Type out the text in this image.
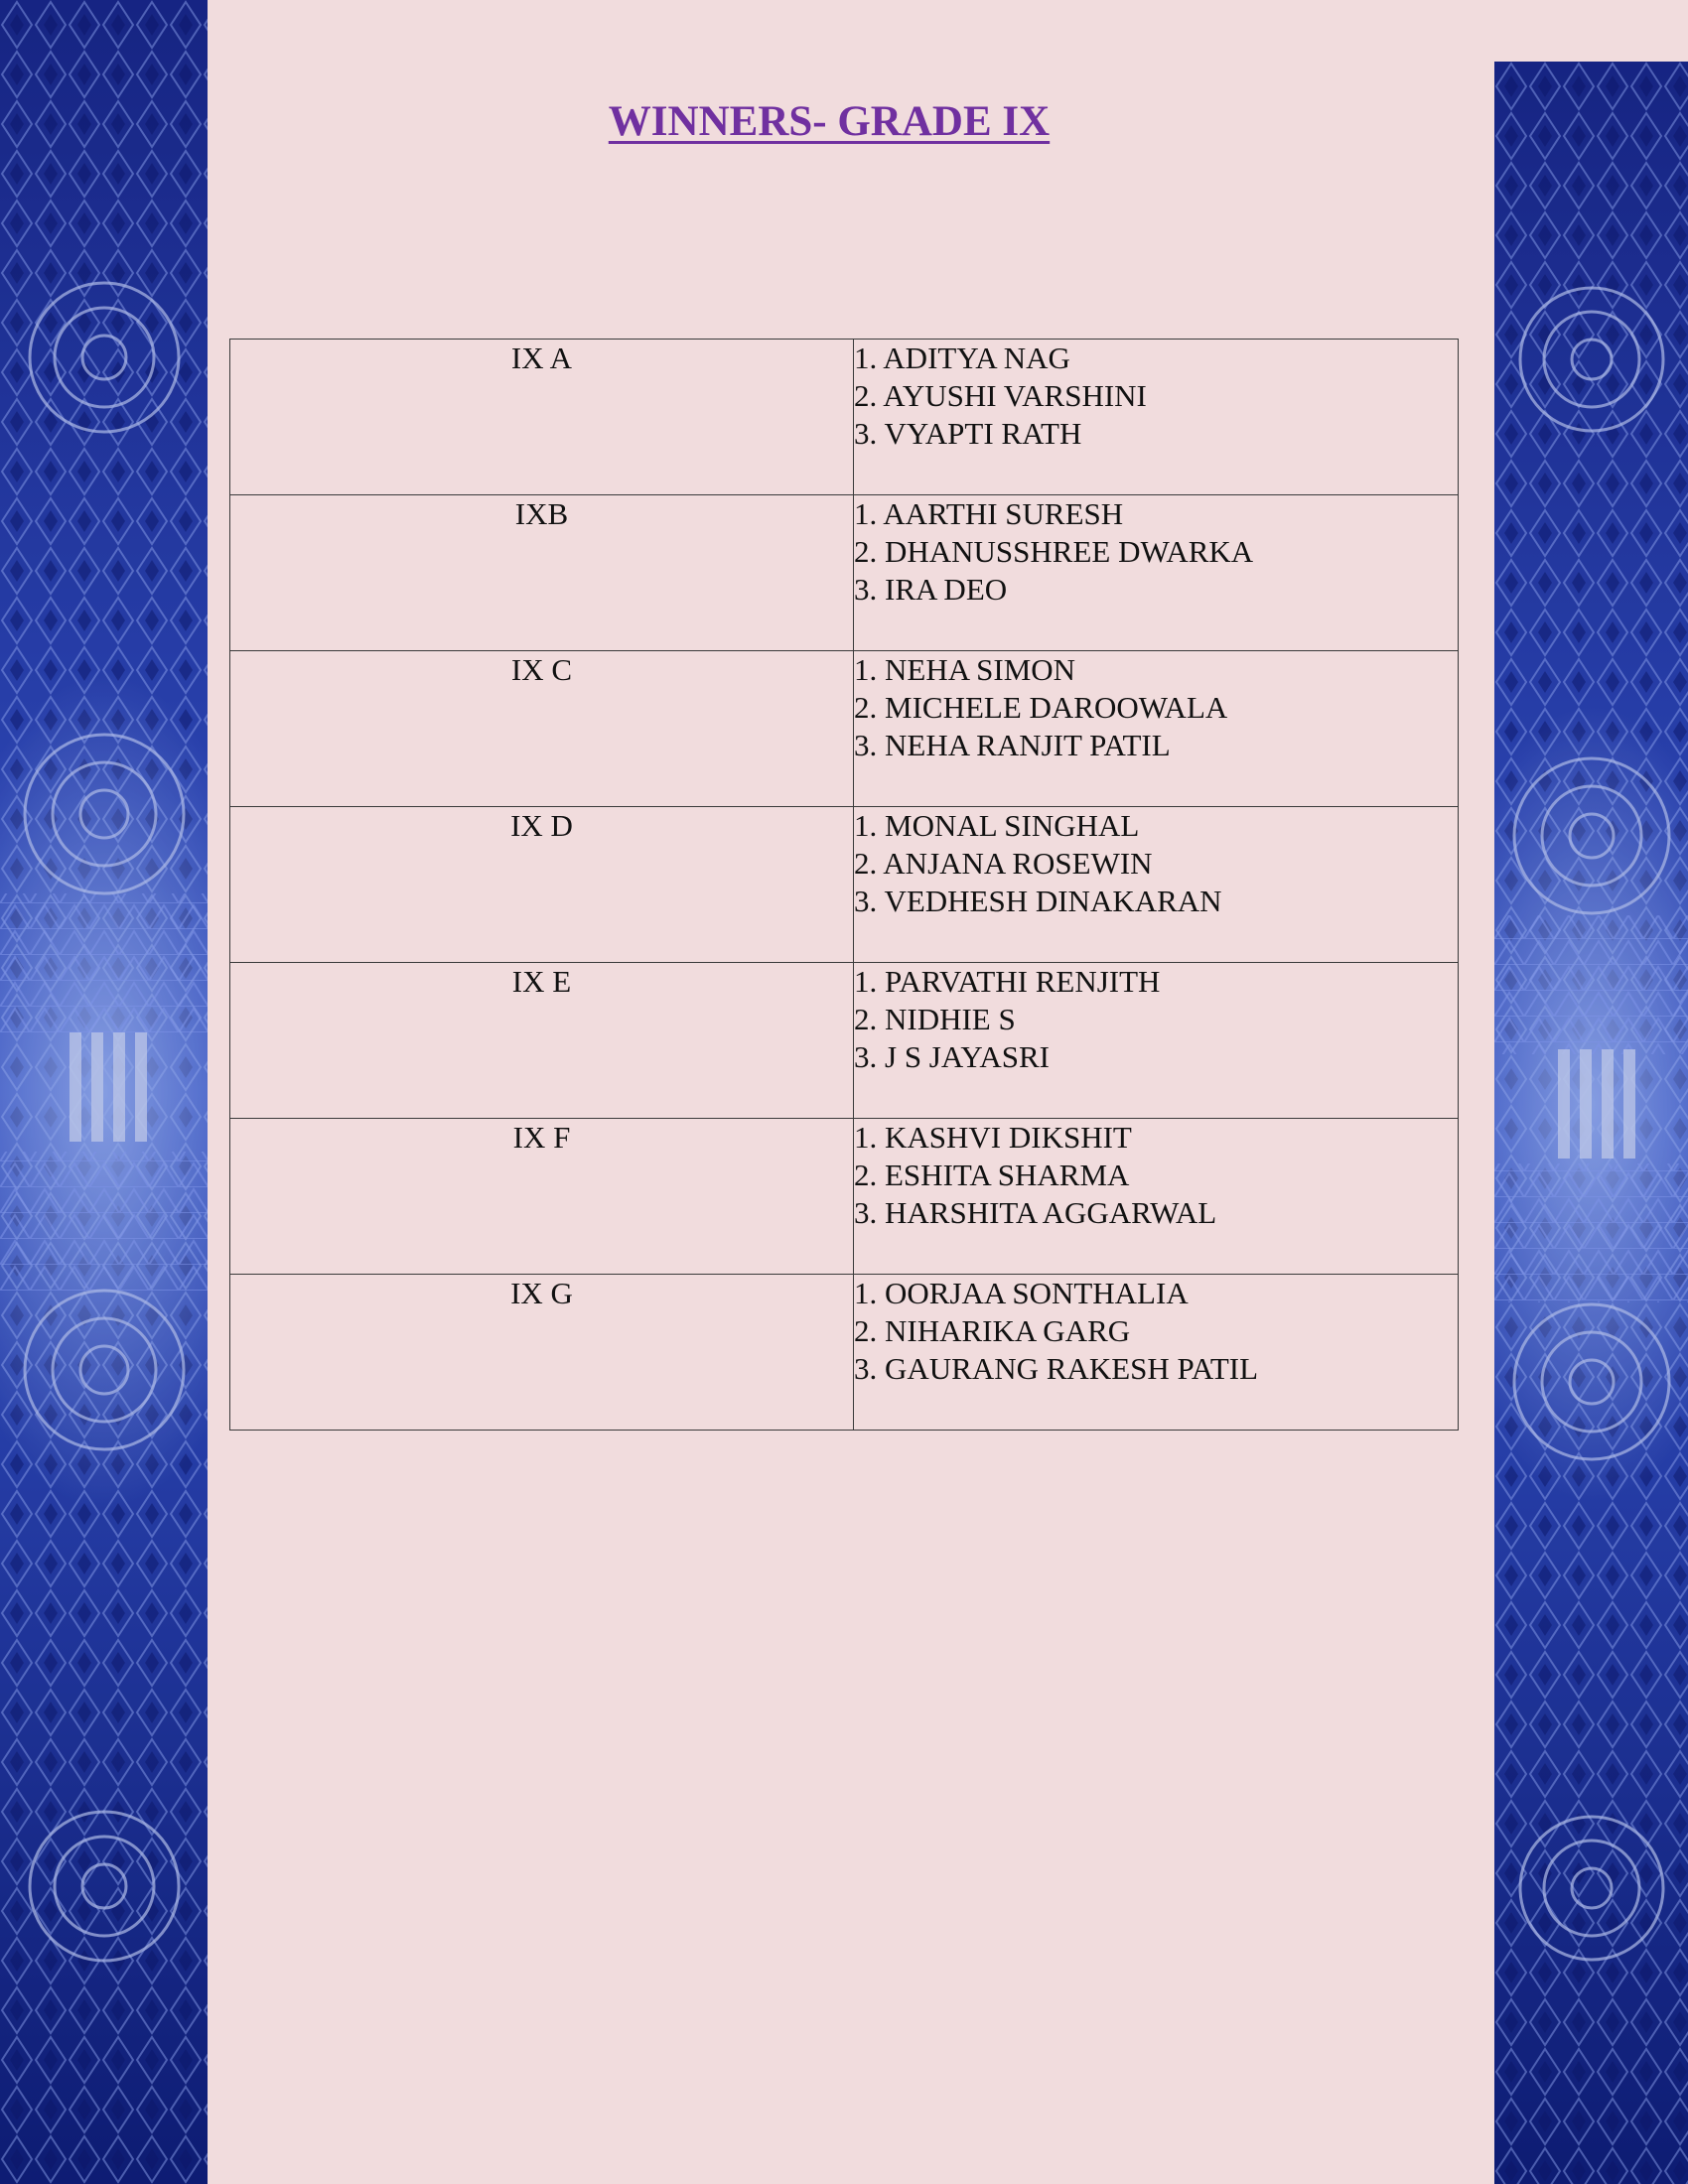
WINNERS- GRADE IX
IX A	1. ADITYA NAG
2. AYUSHI VARSHINI
3. VYAPTI RATH

IXB	1. AARTHI SURESH
2. DHANUSSHREE DWARKA
3. IRA DEO

IX C	1. NEHA SIMON
2. MICHELE DAROOWALA
3. NEHA RANJIT PATIL

IX D	1. MONAL SINGHAL
2. ANJANA ROSEWIN
3. VEDHESH DINAKARAN

IX E	1. PARVATHI RENJITH
2. NIDHIE S
3. J S JAYASRI

IX F	1. KASHVI DIKSHIT
2. ESHITA SHARMA
3. HARSHITA AGGARWAL

IX G	1. OORJAA SONTHALIA
2. NIHARIKA GARG
3. GAURANG RAKESH PATIL
